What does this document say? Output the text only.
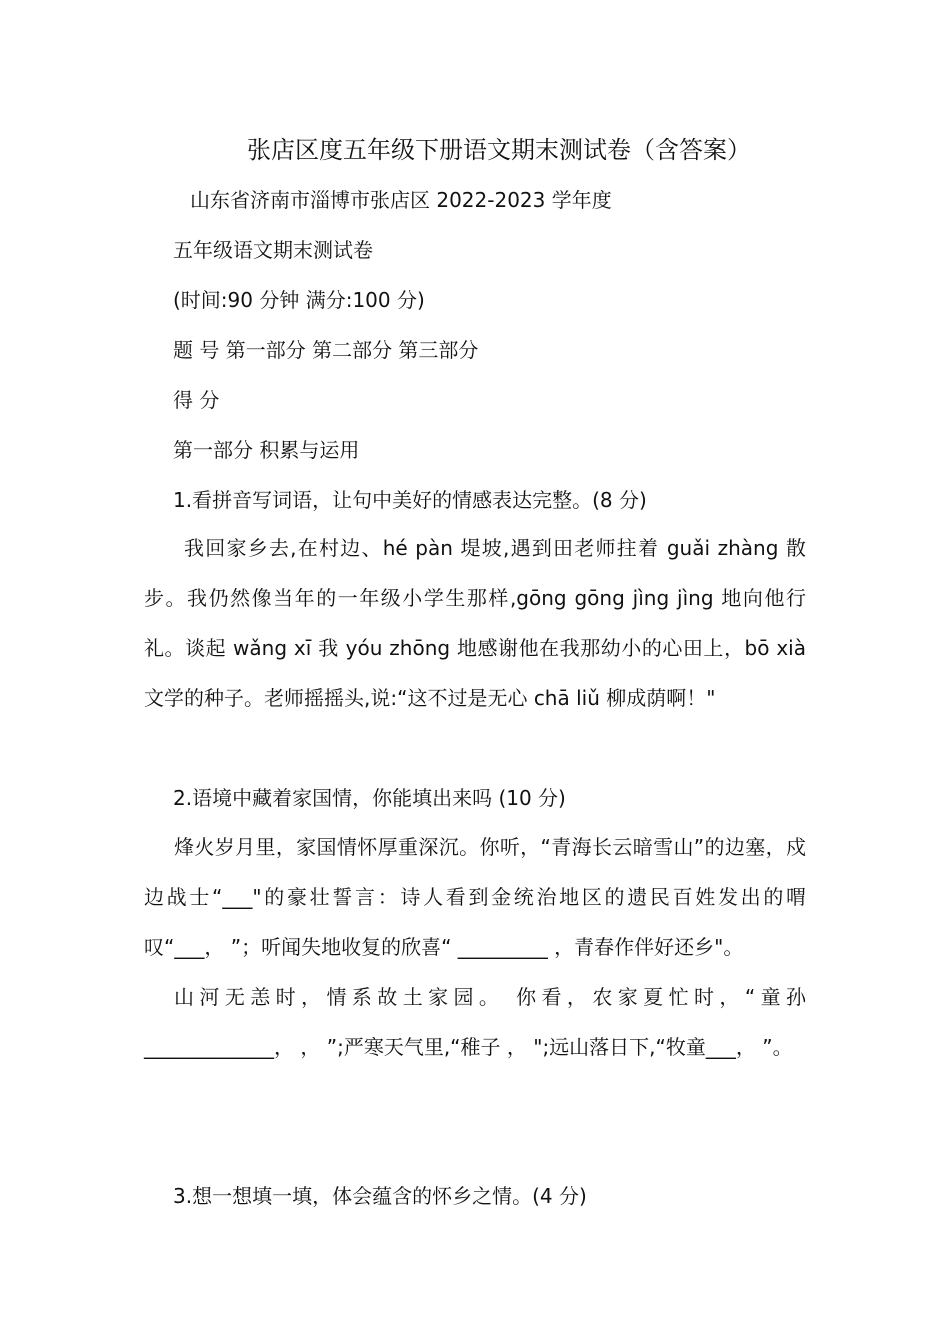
张店区度五年级下册语文期末测试卷（含答案）
山东省济南市淄博市张店区 2022-2023 学年度
五年级语文期末测试卷
(时间:90 分钟 满分:100 分)
题 号 第一部分 第二部分 第三部分
得 分
第一部分 积累与运用
1.看拼音写词语，让句中美好的情感表达完整。(8 分)

我回家乡去,在村边、hé pàn 堤坡,遇到田老师拄着 guǎi zhàng 散步。我仍然像当年的一年级小学生那样,gōng gōng jìng jìng 地向他行礼。谈起 wǎng xī 我 yóu zhōng 地感谢他在我那幼小的心田上，bō xià 文学的种子。老师摇摇头,说:“这不过是无心 chā liǔ 柳成荫啊！"

2.语境中藏着家国情，你能填出来吗 (10 分)

烽火岁月里，家国情怀厚重深沉。你听，“青海长云暗雪山”的边塞，戍边战士“___"的豪壮誓言：诗人看到金统治地区的遗民百姓发出的喟叹“___， ”；听闻失地收复的欣喜“ _________ ，青春作伴好还乡"。

山河无恙时，情系故土家园。 你看，农家夏忙时，“童孙_____________， ， ”;严寒天气里,“稚子 ， ";远山落日下,“牧童___， ”。

3.想一想填一填，体会蕴含的怀乡之情。(4 分)
